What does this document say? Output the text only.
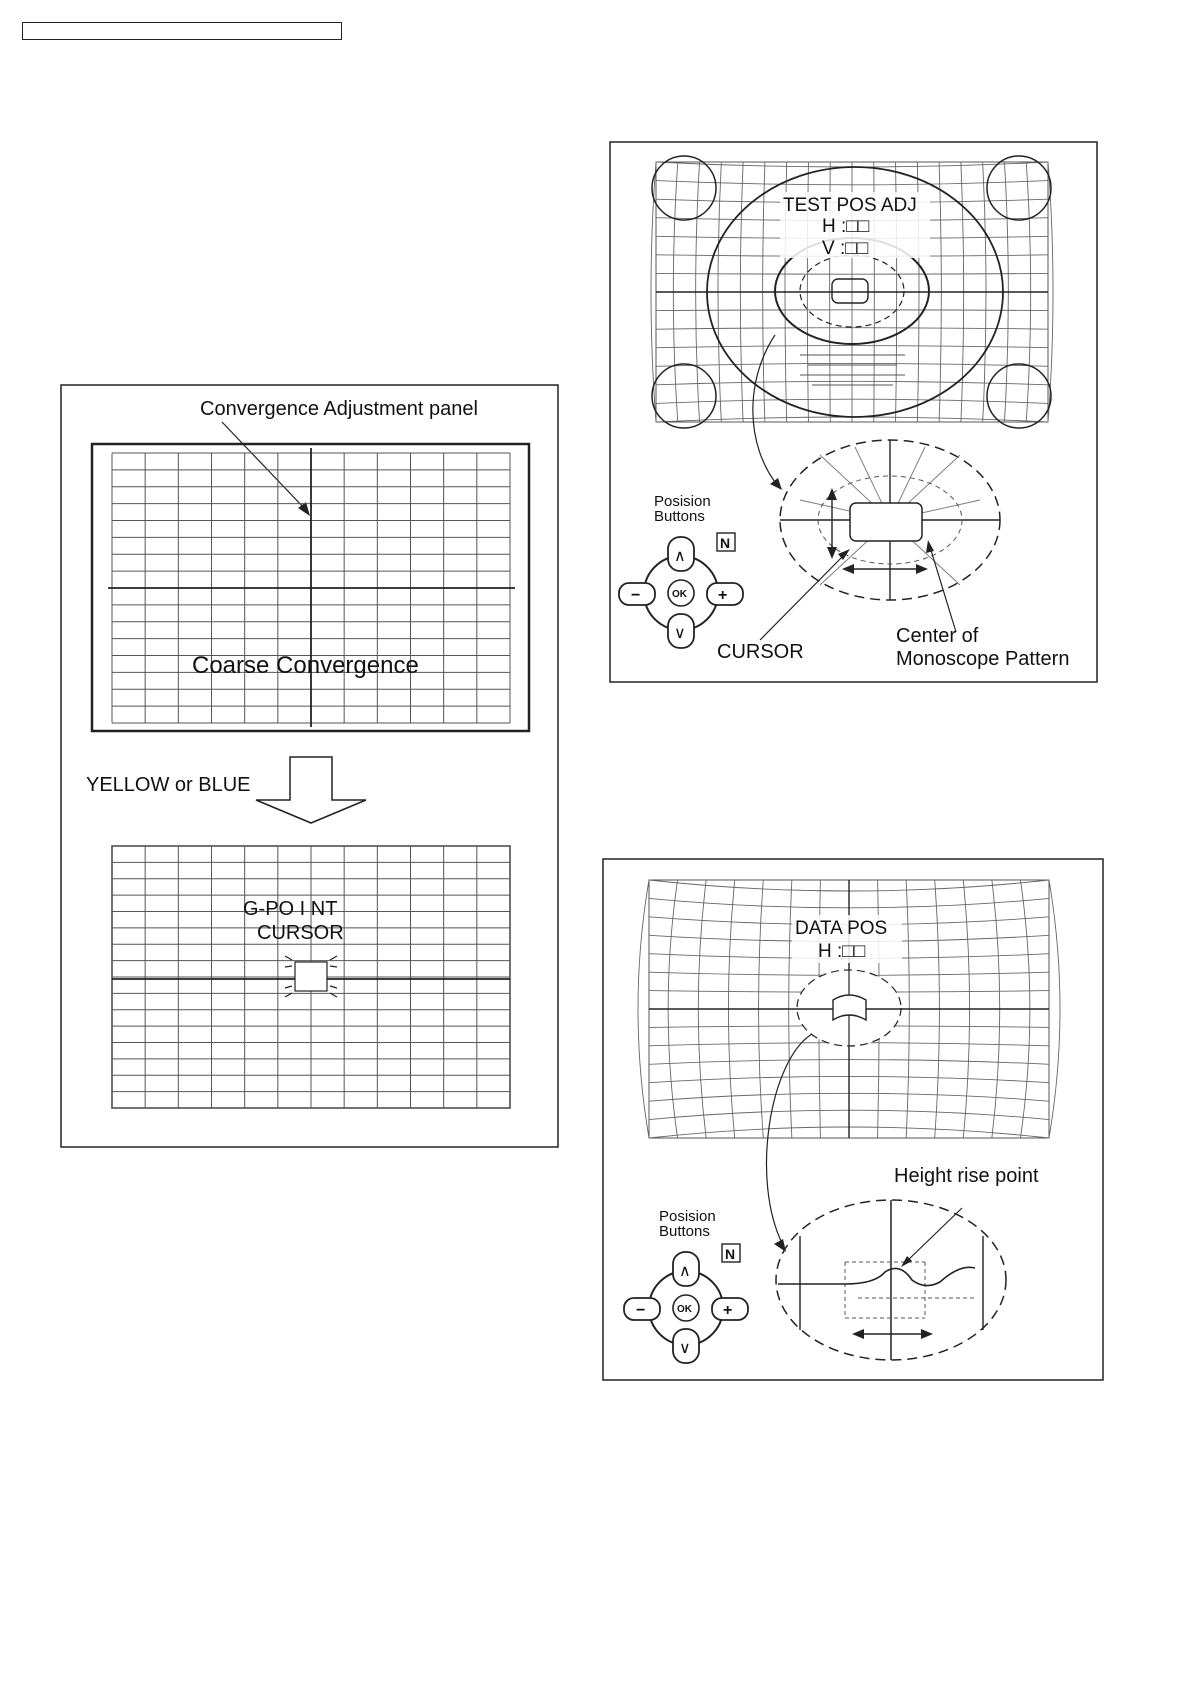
Convergence Adjustment panel
Coarse Convergence
YELLOW or BLUE
G-PO I NT
CURSOR
TEST POS ADJ
H :□□
V :□□
CURSOR
Center of
Monoscope Pattern
Posision
Buttons
N
∧
∨
−	+
OK
DATA POS
H :□□
Height rise point
Posision
Buttons
N
∧
∨
−	+
OK
